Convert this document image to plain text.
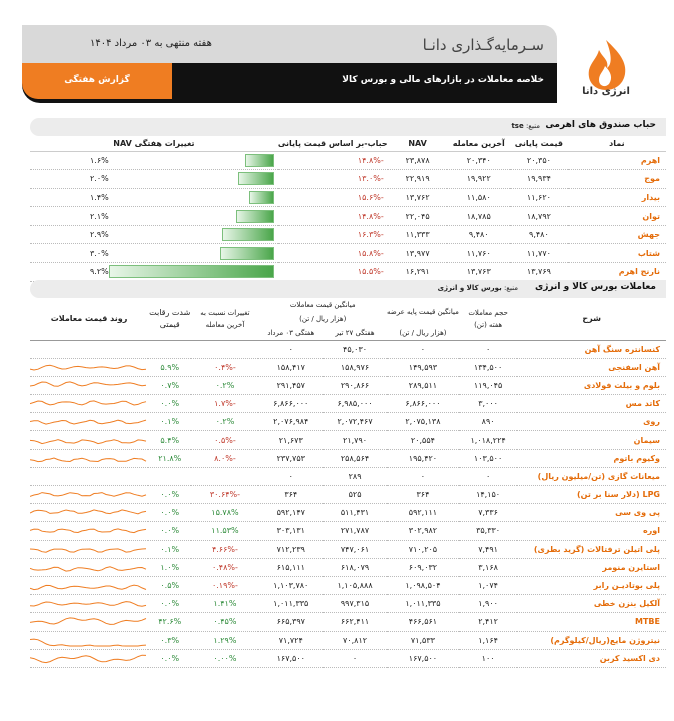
سـرمایه‌گـذاری دانـا
هفته منتهی به ۰۳ مرداد ۱۴۰۴
خلاصه معاملات در بازارهای مالی و بورس کالا
گزارش هفتگی
انرژی دانا
حباب صندوق های اهرمی
منبع: tse
نماد	قیمت پایانی	آخرین معامله	NAV	حباب-بر اساس قیمت پایانی	تغییرات هفتگی NAV
اهرم	۲۰,۳۵۰	۲۰,۳۴۰	۲۳,۸۷۸	-۱۴.۸%	۱.۶%

موج	۱۹,۹۳۴	۱۹,۹۲۲	۲۲,۹۱۹	-۱۳.۰%	۲.۰%

بیدار	۱۱,۶۲۰	۱۱,۵۸۰	۱۳,۷۶۲	-۱۵.۶%	۱.۴%

توان	۱۸,۷۹۲	۱۸,۷۸۵	۲۲,۰۴۵	-۱۴.۸%	۲.۱%

جهش	۹,۴۸۰	۹,۴۸۰	۱۱,۳۳۳	-۱۶.۳%	۲.۹%

شتاب	۱۱,۷۷۰	۱۱,۷۶۰	۱۳,۹۷۷	-۱۵.۸%	۳.۰%

نارنج اهرم	۱۳,۷۶۹	۱۳,۷۶۳	۱۶,۲۹۱	-۱۵.۵%	۹.۲%
معاملات بورس کالا و انرژی
منبع: بورس کالا و انرژی
شرح	حجم معاملات
هفته (تن)	میانگین قیمت پایه عرضه	میانگین قیمت معاملات		تغییرات نسبت به آخرین معامله	شدت رقابت قیمتی	روند قیمت معاملات
			(هزار ریال / تن)				
		(هزار ریال / تن)	هفتگی ۲۷ تیر	هفتگی ۰۳ مرداد			
کنسانتره سنگ آهن	۰	۰	۴۵,۰۳۰	۰			
آهن اسفنجی	۱۳۴,۵۰۰	۱۴۹,۵۹۳	۱۵۸,۹۷۶	۱۵۸,۴۱۷	-۰.۴%	۵.۹%	

بلوم و بیلت فولادی	۱۱۹,۰۴۵	۲۸۹,۵۱۱	۲۹۰,۸۶۶	۲۹۱,۴۵۷	۰.۲%	۰.۷%	

کاتد مس	۳,۰۰۰	۶,۸۶۶,۰۰۰	۶,۹۸۵,۰۰۰	۶,۸۶۶,۰۰۰	-۱.۷%	۰.۰%	

روی	۸۹۰	۲,۰۷۵,۱۳۸	۲,۰۷۲,۴۶۷	۲,۰۷۶,۹۸۴	۰.۲%	۰.۱%	

سیمان	۱,۰۱۸,۲۲۴	۲۰,۵۵۴	۲۱,۷۹۰	۲۱,۶۷۳	-۰.۵%	۵.۴%	

وکیوم باتوم	۱۰۳,۵۰۰	۱۹۵,۴۲۰	۲۵۸,۵۶۴	۲۳۷,۷۵۳	-۸.۰%	۲۱.۸%	

میعانات گازی (تن/میلیون ریال)	۰	۰	۲۸۹	۰			
LPG (دلار سنا بر تن)	۱۴,۱۵۰	۳۶۴	۵۲۵	۳۶۴	-۳۰.۶۴%	۰.۰%	

پی وی سی	۷,۳۳۶	۵۹۲,۱۱۱	۵۱۱,۴۳۱	۵۹۲,۱۴۷	۱۵.۷۸%	۰.۰%	

اوره	۳۵,۳۳۰	۳۰۲,۹۸۲	۲۷۱,۷۸۷	۳۰۳,۱۳۱	۱۱.۵۳%	۰.۰%	

پلی اتیلن ترفتالات (گرید بطری)	۷,۴۹۱	۷۱۰,۲۰۵	۷۴۷,۰۶۱	۷۱۲,۲۳۹	-۴.۶۶%	۰.۱%	

استایرن منومر	۳,۱۶۸	۶۰۹,۰۳۲	۶۱۸,۰۷۹	۶۱۵,۱۱۱	-۰.۴۸%	۱.۰%	

پلی بوتادیـن رابر	۱,۰۷۴	۱,۰۹۸,۵۰۴	۱,۱۰۵,۸۸۸	۱,۱۰۳,۷۸۰	-۰.۱۹%	۰.۵%	

آلکیل بنزن خطی	۱,۹۰۰	۱,۰۱۱,۳۳۵	۹۹۷,۳۱۵	۱,۰۱۱,۳۳۵	۱.۴۱%	۰.۰%	

MTBE	۲,۴۱۲	۴۶۶,۵۶۱	۶۶۲,۴۱۱	۶۶۵,۳۹۷	۰.۴۵%	۴۲.۶%	

نیتروژن مایع(ریال/کیلوگرم)	۱,۱۶۴	۷۱,۵۳۳	۷۰,۸۱۲	۷۱,۷۲۴	۱.۲۹%	۰.۳%	

دی اکسید کربن	۱۰۰	۱۶۷,۵۰۰	۰	۱۶۷,۵۰۰	۰.۰۰%	۰.۰%	
